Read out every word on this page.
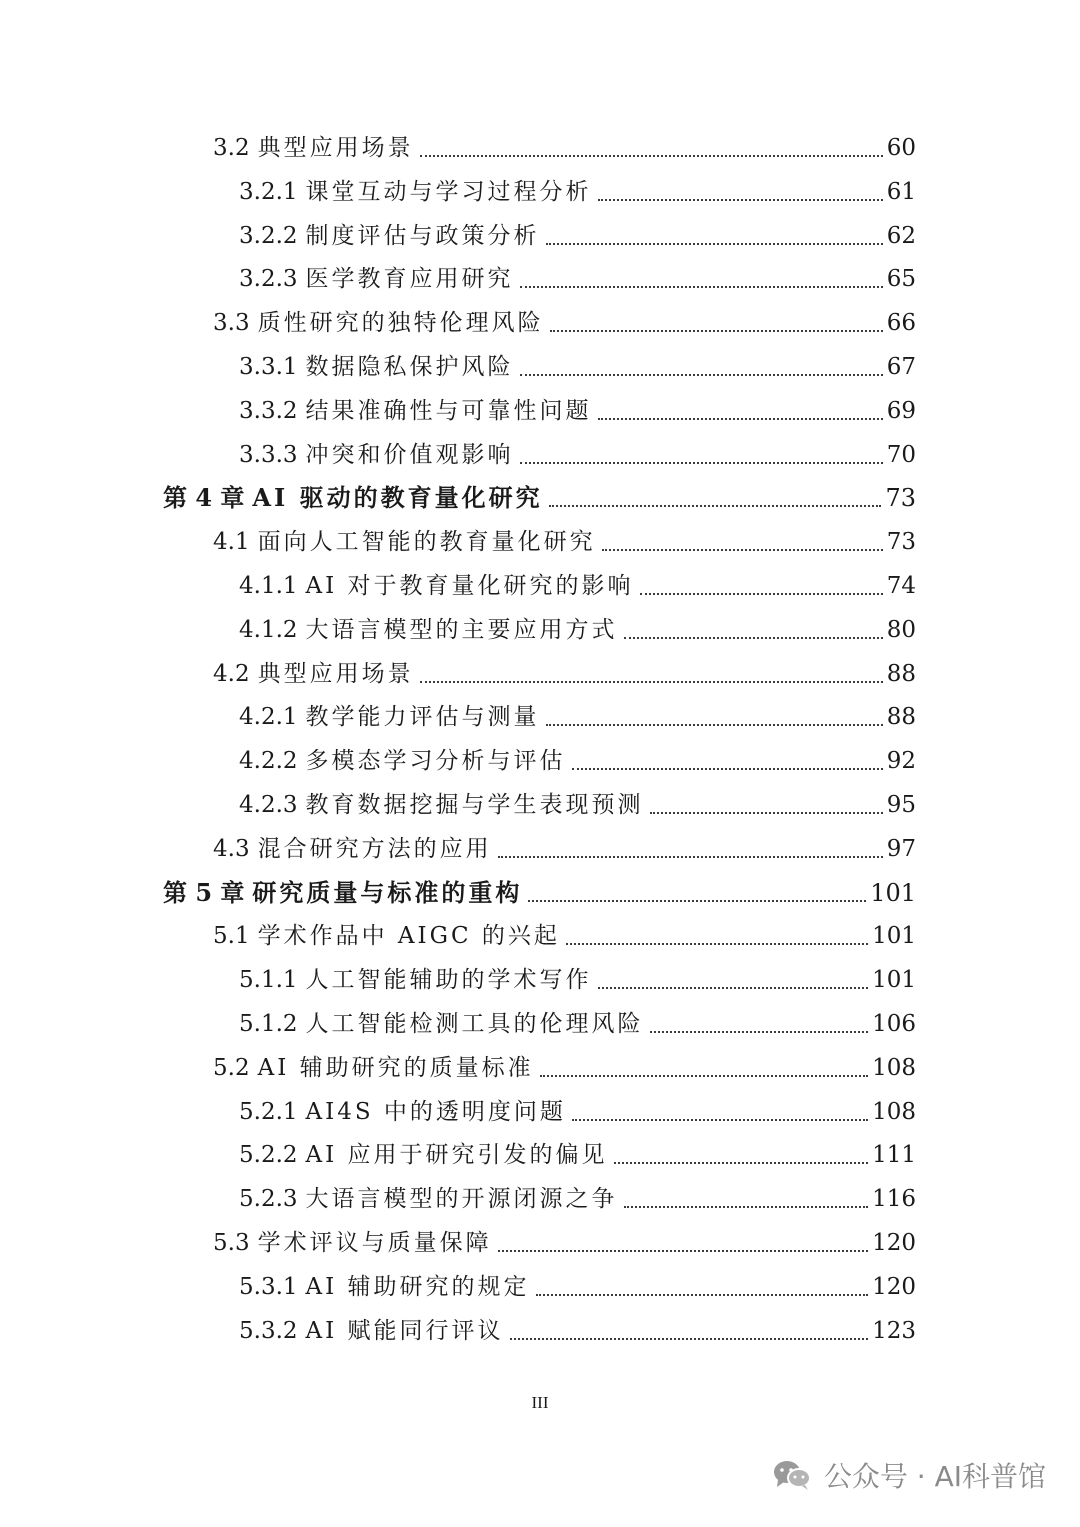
3.2 典型应用场景	60
3.2.1 课堂互动与学习过程分析	61
3.2.2 制度评估与政策分析	62
3.2.3 医学教育应用研究	65
3.3 质性研究的独特伦理风险	66
3.3.1 数据隐私保护风险	67
3.3.2 结果准确性与可靠性问题	69
3.3.3 冲突和价值观影响	70
第 4 章 AI 驱动的教育量化研究	73
4.1 面向人工智能的教育量化研究	73
4.1.1 AI 对于教育量化研究的影响	74
4.1.2 大语言模型的主要应用方式	80
4.2 典型应用场景	88
4.2.1 教学能力评估与测量	88
4.2.2 多模态学习分析与评估	92
4.2.3 教育数据挖掘与学生表现预测	95
4.3 混合研究方法的应用	97
第 5 章 研究质量与标准的重构	101
5.1 学术作品中 AIGC 的兴起	101
5.1.1 人工智能辅助的学术写作	101
5.1.2 人工智能检测工具的伦理风险	106
5.2 AI 辅助研究的质量标准	108
5.2.1 AI4S 中的透明度问题	108
5.2.2 AI 应用于研究引发的偏见	111
5.2.3 大语言模型的开源闭源之争	116
5.3 学术评议与质量保障	120
5.3.1 AI 辅助研究的规定	120
5.3.2 AI 赋能同行评议	123
III
公众号 · AI科普馆
